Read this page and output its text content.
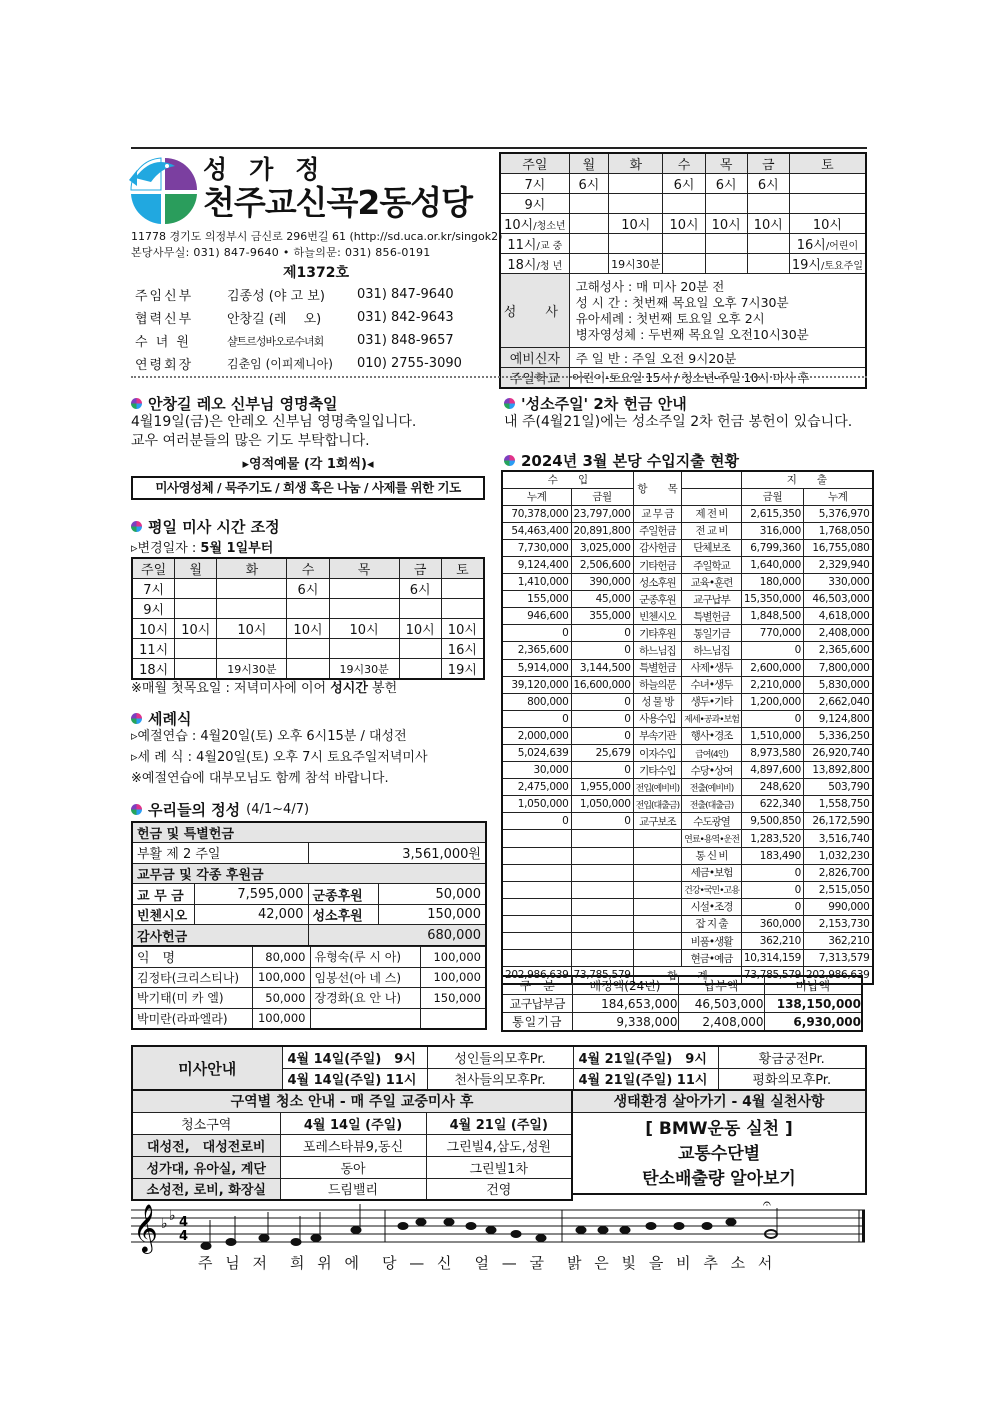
성가정
천주교신곡2동성당
11778 경기도 의정부시 금신로 296번길 61 (http://sd.uca.or.kr/singok2)
본당사무실: 031) 847-9640 • 하늘의문: 031) 856-0191
제1372호
주임신부	김종성 (야 고 보)	031) 847-9640
협력신부	안창길 (레　 오)	031) 842-9643
수 녀 원	샬트르성바오로수녀회	031) 848-9657
연령회장	김춘임 (이피제니아)	010) 2755-3090
주일	월	화	수	목	금	토
7시	6시		6시	6시	6시	
9시						
10시/청소년		10시	10시	10시	10시	10시
11시/교 중						16시/어린이
18시/청 년		19시30분				19시/토요주일
성　사	고해성사 : 매 미사 20분 전
성 시 간 : 첫번째 목요일 오후 7시30분
유아세례 : 첫번째 토요일 오후 2시
병자영성체 : 두번째 목요일 오전10시30분					

예비신자	주 일 반 : 주일 오전 9시20분					
주일학교	어린이-토요일 15시 / 청소년-주일 10시 미사 후					
안창길 레오 신부님 영명축일
4월19일(금)은 안레오 신부님 영명축일입니다.
교우 여러분들의 많은 기도 부탁합니다.
▸영적예물 (각 1회씩)◂
미사영성체 / 묵주기도 / 희생 혹은 나눔 / 사제를 위한 기도
평일 미사 시간 조정
▹변경일자 : 5월 1일부터
주일	월	화	수	목	금	토
7시			6시		6시	
9시						
10시	10시	10시	10시	10시	10시	10시
11시						16시
18시		19시30분		19시30분		19시
※매월 첫목요일 : 저녁미사에 이어 성시간 봉헌
세례식
▹예절연습 : 4월20일(토) 오후 6시15분 / 대성전
▹세 례 식 : 4월20일(토) 오후 7시 토요주일저녁미사
※예절연습에 대부모님도 함께 참석 바랍니다.
우리들의 정성 (4/1~4/7)
헌금 및 특별헌금			
부활 제 2 주일		3,561,000원	
교무금 및 각종 후원금			
교 무 금	7,595,000	군종후원	50,000
빈첸시오	42,000	성소후원	150,000
감사헌금		680,000	
익　명	80,000	유형숙(루 시 아)	100,000
김정타(크리스티나)	100,000	임봉선(아 네 스)	100,000
박기태(미 카 엘)	50,000	장경화(요 안 나)	150,000
박미란(라파엘라)	100,000		
'성소주일' 2차 헌금 안내
내 주(4월21일)에는 성소주일 2차 헌금 봉헌이 있습니다.
2024년 3월 본당 수입지출 현황
수　　입		항　　목		지　　출	
누계	금월			금월	누계
70,378,000	23,797,000	교 무 금	제 전 비	2,615,350	5,376,970
54,463,400	20,891,800	주일헌금	전 교 비	316,000	1,768,050
7,730,000	3,025,000	감사헌금	단체보조	6,799,360	16,755,080
9,124,400	2,506,600	기타헌금	주일학교	1,640,000	2,329,940
1,410,000	390,000	성소후원	교육•훈련	180,000	330,000
155,000	45,000	군종후원	교구납부	15,350,000	46,503,000
946,600	355,000	빈첸시오	특별헌금	1,848,500	4,618,000
0	0	기타후원	통일기금	770,000	2,408,000
2,365,600	0	하느님집	하느님집	0	2,365,600
5,914,000	3,144,500	특별헌금	사제•생두	2,600,000	7,800,000
39,120,000	16,600,000	하늘의문	수녀•생두	2,210,000	5,830,000
800,000	0	성 물 방	생두•기타	1,200,000	2,662,040
0	0	사용수입	제세•공과•보험	0	9,124,800
2,000,000	0	부속기관	행사•경조	1,510,000	5,336,250
5,024,639	25,679	이자수입	급여(4인)	8,973,580	26,920,740
30,000	0	기타수입	수당•상여	4,897,600	13,892,800
2,475,000	1,955,000	전입(예비비)	전출(예비비)	248,620	503,790
1,050,000	1,050,000	전입(대출금)	전출(대출금)	622,340	1,558,750
0	0	교구보조	수도광열	9,500,850	26,172,590
			연료•용역•운전	1,283,520	3,516,740
			통 신 비	183,490	1,032,230
			세금•보험	0	2,826,700
			건강•국민•고용	0	2,515,050
			시설•조경	0	990,000
			잡 지 출	360,000	2,153,730
			비품•생활	362,210	362,210
			현금•예금	10,314,159	7,313,579
202,986,639	73,785,579	합　　계		73,785,579	202,986,639
구　분	배정액(24년)	납부액	미납액
교구납부금	184,653,000	46,503,000	138,150,000
통일기금	9,338,000	2,408,000	6,930,000
미사안내	4월 14일(주일)　9시	성인들의모후Pr.	4월 21일(주일)　9시	황금궁전Pr.
	4월 14일(주일) 11시	천사들의모후Pr.	4월 21일(주일) 11시	평화의모후Pr.
구역별 청소 안내 - 매 주일 교중미사 후		
청소구역	4월 14일 (주일)	4월 21일 (주일)
대성전,　대성전로비	포레스타뷰9,동신	그린빌4,삼도,성원
성가대, 유아실, 계단	동아	그린빌1차
소성전, 로비, 화장실	드림밸리	건영
생태환경 살아가기 - 4월 실천사항
[ BMW운동 실천 ]
교통수단별
탄소배출량 알아보기
𝄞 ♭ ♭ 4
4
𝄐
주 님 저　희 위 에　당 — 신　얼 — 굴　밝 은 빛 을 비 추 소 서
